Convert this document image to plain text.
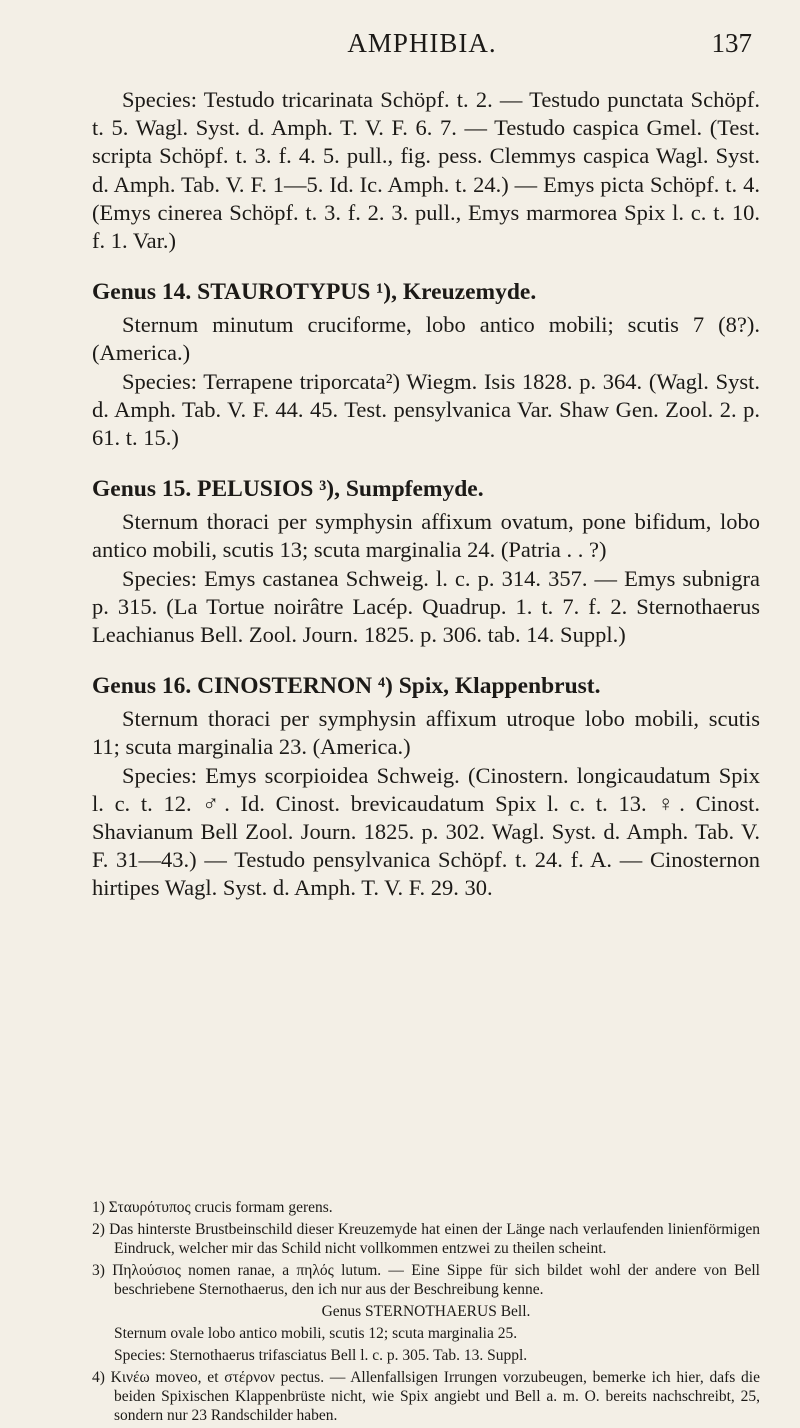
AMPHIBIA.	137

Species: Testudo tricarinata Schöpf. t. 2. — Testudo punctata Schöpf. t. 5. Wagl. Syst. d. Amph. T. V. F. 6. 7. — Testudo caspica Gmel. (Test. scripta Schöpf. t. 3. f. 4. 5. pull., fig. pess. Clemmys caspica Wagl. Syst. d. Amph. Tab. V. F. 1—5. Id. Ic. Amph. t. 24.) — Emys picta Schöpf. t. 4. (Emys cinerea Schöpf. t. 3. f. 2. 3. pull., Emys marmorea Spix l. c. t. 10. f. 1. Var.)

Genus 14. STAUROTYPUS ¹), Kreuzemyde.

Sternum minutum cruciforme, lobo antico mobili; scutis 7 (8?). (America.)

Species: Terrapene triporcata²) Wiegm. Isis 1828. p. 364. (Wagl. Syst. d. Amph. Tab. V. F. 44. 45. Test. pensylvanica Var. Shaw Gen. Zool. 2. p. 61. t. 15.)

Genus 15. PELUSIOS ³), Sumpfemyde.

Sternum thoraci per symphysin affixum ovatum, pone bifidum, lobo antico mobili, scutis 13; scuta marginalia 24. (Patria . . ?)

Species: Emys castanea Schweig. l. c. p. 314. 357. — Emys subnigra p. 315. (La Tortue noirâtre Lacép. Quadrup. 1. t. 7. f. 2. Sternothaerus Leachianus Bell. Zool. Journ. 1825. p. 306. tab. 14. Suppl.)

Genus 16. CINOSTERNON ⁴) Spix, Klappenbrust.

Sternum thoraci per symphysin affixum utroque lobo mobili, scutis 11; scuta marginalia 23. (America.)

Species: Emys scorpioidea Schweig. (Cinostern. longicaudatum Spix l. c. t. 12. ♂. Id. Cinost. brevicaudatum Spix l. c. t. 13. ♀. Cinost. Shavianum Bell Zool. Journ. 1825. p. 302. Wagl. Syst. d. Amph. Tab. V. F. 31—43.) — Testudo pensylvanica Schöpf. t. 24. f. A. — Cinosternon hirtipes Wagl. Syst. d. Amph. T. V. F. 29. 30.

1) Σταυρότυπος crucis formam gerens.

2) Das hinterste Brustbeinschild dieser Kreuzemyde hat einen der Länge nach verlaufenden linienförmigen Eindruck, welcher mir das Schild nicht vollkommen entzwei zu theilen scheint.

3) Πηλούσιος nomen ranae, a πηλός lutum. — Eine Sippe für sich bildet wohl der andere von Bell beschriebene Sternothaerus, den ich nur aus der Beschreibung kenne.

Genus STERNOTHAERUS Bell.

Sternum ovale lobo antico mobili, scutis 12; scuta marginalia 25.

Species: Sternothaerus trifasciatus Bell l. c. p. 305. Tab. 13. Suppl.

4) Κινέω moveo, et στέρνον pectus. — Allenfallsigen Irrungen vorzubeugen, bemerke ich hier, dafs die beiden Spixischen Klappenbrüste nicht, wie Spix angiebt und Bell a. m. O. bereits nachschreibt, 25, sondern nur 23 Randschilder haben.
